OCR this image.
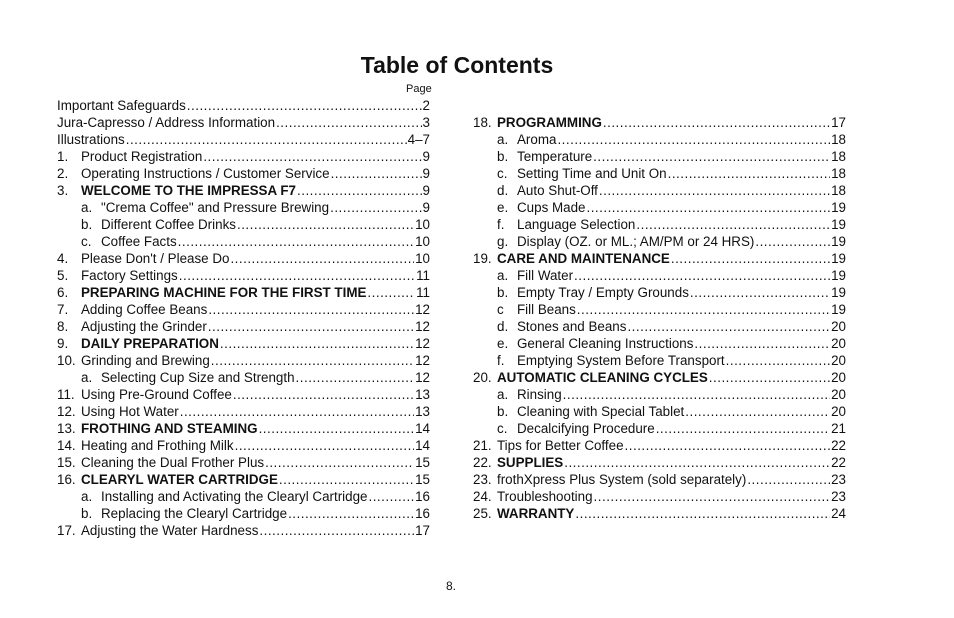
Table of Contents
Page
Important Safeguards .....	2
Jura-Capresso / Address Information .....	3
Illustrations .....	4–7
1. Product Registration .....	9
2. Operating Instructions / Customer Service .....	9
3. WELCOME TO THE IMPRESSA F7 .....	9
a. "Crema Coffee" and Pressure Brewing .....	9
b. Different Coffee Drinks .....	10
c. Coffee Facts .....	10
4. Please Don't / Please Do .....	10
5. Factory Settings .....	11
6. PREPARING MACHINE FOR THE FIRST TIME .....	11
7. Adding Coffee Beans .....	12
8. Adjusting the Grinder .....	12
9. DAILY PREPARATION .....	12
10. Grinding and Brewing .....	12
a. Selecting Cup Size and Strength .....	12
11. Using Pre-Ground Coffee .....	13
12. Using Hot Water .....	13
13. FROTHING AND STEAMING .....	14
14. Heating and Frothing Milk .....	14
15. Cleaning the Dual Frother Plus .....	15
16. CLEARYL WATER CARTRIDGE .....	15
a. Installing and Activating the Clearyl Cartridge .....	16
b. Replacing the Clearyl Cartridge .....	16
17. Adjusting the Water Hardness .....	17
18. PROGRAMMING .....	17
a. Aroma .....	18
b. Temperature .....	18
c. Setting Time and Unit On .....	18
d. Auto Shut-Off .....	18
e. Cups Made .....	19
f. Language Selection .....	19
g. Display (OZ. or ML.; AM/PM or 24 HRS) .....	19
19. CARE AND MAINTENANCE .....	19
a. Fill Water .....	19
b. Empty Tray / Empty Grounds .....	19
c Fill Beans .....	19
d. Stones and Beans .....	20
e. General Cleaning Instructions .....	20
f. Emptying System Before Transport .....	20
20. AUTOMATIC CLEANING CYCLES .....	20
a. Rinsing .....	20
b. Cleaning with Special Tablet .....	20
c. Decalcifying Procedure .....	21
21. Tips for Better Coffee .....	22
22. SUPPLIES .....	22
23. frothXpress Plus System (sold separately) .....	23
24. Troubleshooting .....	23
25. WARRANTY .....	24
8.
